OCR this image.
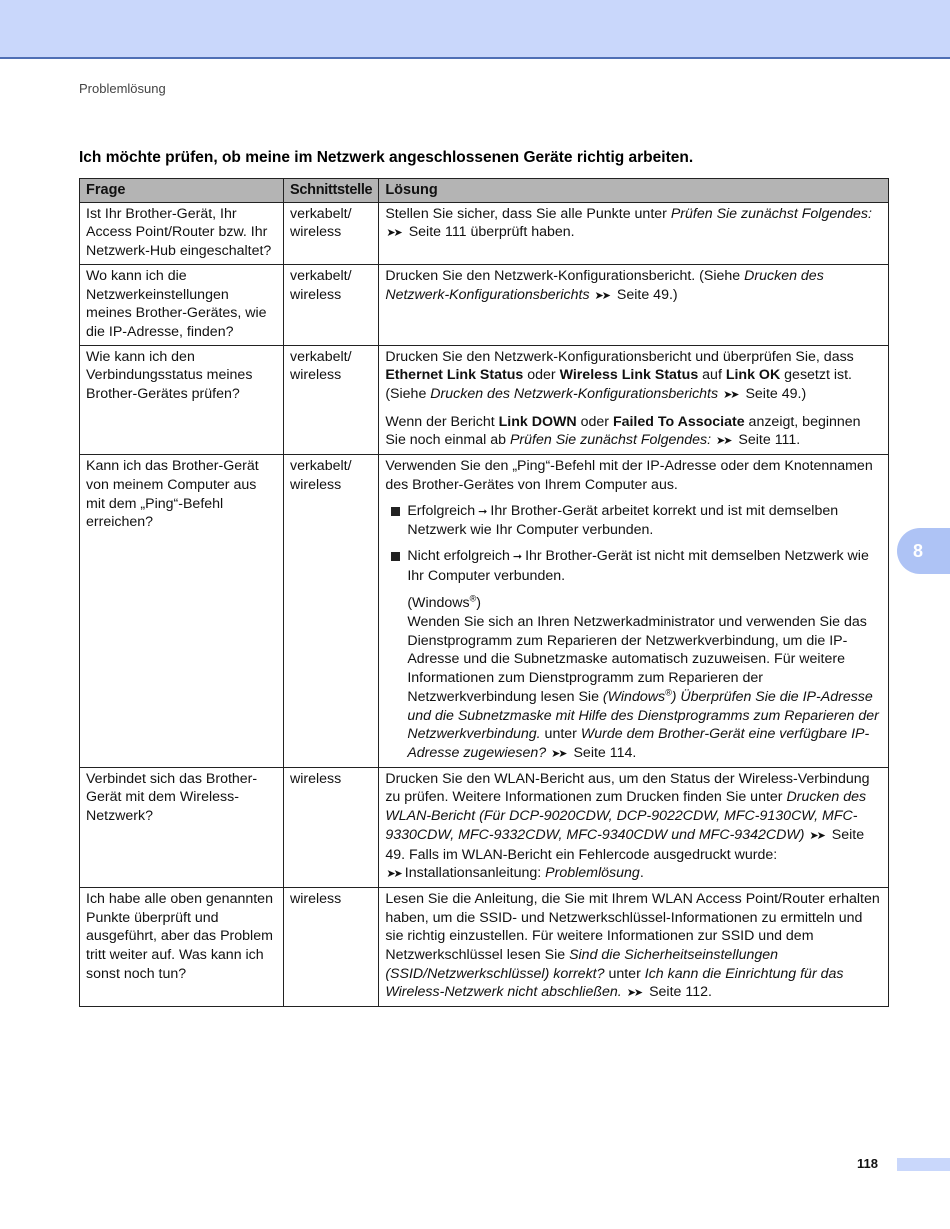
Problemlösung
8
Ich möchte prüfen, ob meine im Netzwerk angeschlossenen Geräte richtig arbeiten.
Frage	Schnittstelle	Lösung
Ist Ihr Brother-Gerät, Ihr Access Point/Router bzw. Ihr Netzwerk-Hub eingeschaltet?	verkabelt/ wireless	Stellen Sie sicher, dass Sie alle Punkte unter Prüfen Sie zunächst Folgendes: ➤➤ Seite 111 überprüft haben.

Wo kann ich die Netzwerkeinstellungen meines Brother-Gerätes, wie die IP-Adresse, finden?	verkabelt/ wireless	Drucken Sie den Netzwerk-Konfigurationsbericht. (Siehe Drucken des Netzwerk-Konfigurationsberichts ➤➤ Seite 49.)

Wie kann ich den Verbindungsstatus meines Brother-Gerätes prüfen?	verkabelt/ wireless	Drucken Sie den Netzwerk-Konfigurationsbericht und überprüfen Sie, dass Ethernet Link Status oder Wireless Link Status auf Link OK gesetzt ist. (Siehe Drucken des Netzwerk-Konfigurationsberichts ➤➤ Seite 49.)

Wenn der Bericht Link DOWN oder Failed To Associate anzeigt, beginnen Sie noch einmal ab Prüfen Sie zunächst Folgendes: ➤➤ Seite 111.

Kann ich das Brother-Gerät von meinem Computer aus mit dem „Ping“-Befehl erreichen?	verkabelt/ wireless	Verwenden Sie den „Ping“-Befehl mit der IP-Adresse oder dem Knotennamen des Brother-Gerätes von Ihrem Computer aus.

Erfolgreich ➞ Ihr Brother-Gerät arbeitet korrekt und ist mit demselben Netzwerk wie Ihr Computer verbunden.
Nicht erfolgreich ➞ Ihr Brother-Gerät ist nicht mit demselben Netzwerk wie Ihr Computer verbunden.
(Windows®)
Wenden Sie sich an Ihren Netzwerkadministrator und verwenden Sie das Dienstprogramm zum Reparieren der Netzwerkverbindung, um die IP-Adresse und die Subnetzmaske automatisch zuzuweisen. Für weitere Informationen zum Dienstprogramm zum Reparieren der Netzwerkverbindung lesen Sie (Windows®) Überprüfen Sie die IP-Adresse und die Subnetzmaske mit Hilfe des Dienstprogramms zum Reparieren der Netzwerkverbindung. unter Wurde dem Brother-Gerät eine verfügbare IP-Adresse zugewiesen? ➤➤ Seite 114.

Verbindet sich das Brother-Gerät mit dem Wireless-Netzwerk?	wireless	Drucken Sie den WLAN-Bericht aus, um den Status der Wireless-Verbindung zu prüfen. Weitere Informationen zum Drucken finden Sie unter Drucken des WLAN-Bericht (Für DCP-9020CDW, DCP-9022CDW, MFC-9130CW, MFC-9330CDW, MFC-9332CDW, MFC-9340CDW und MFC-9342CDW) ➤➤ Seite 49. Falls im WLAN-Bericht ein Fehlercode ausgedruckt wurde: ➤➤ Installationsanleitung: Problemlösung.

Ich habe alle oben genannten Punkte überprüft und ausgeführt, aber das Problem tritt weiter auf. Was kann ich sonst noch tun?	wireless	Lesen Sie die Anleitung, die Sie mit Ihrem WLAN Access Point/Router erhalten haben, um die SSID- und Netzwerkschlüssel-Informationen zu ermitteln und sie richtig einzustellen. Für weitere Informationen zur SSID und dem Netzwerkschlüssel lesen Sie Sind die Sicherheitseinstellungen (SSID/Netzwerkschlüssel) korrekt? unter Ich kann die Einrichtung für das Wireless-Netzwerk nicht abschließen. ➤➤ Seite 112.

118
